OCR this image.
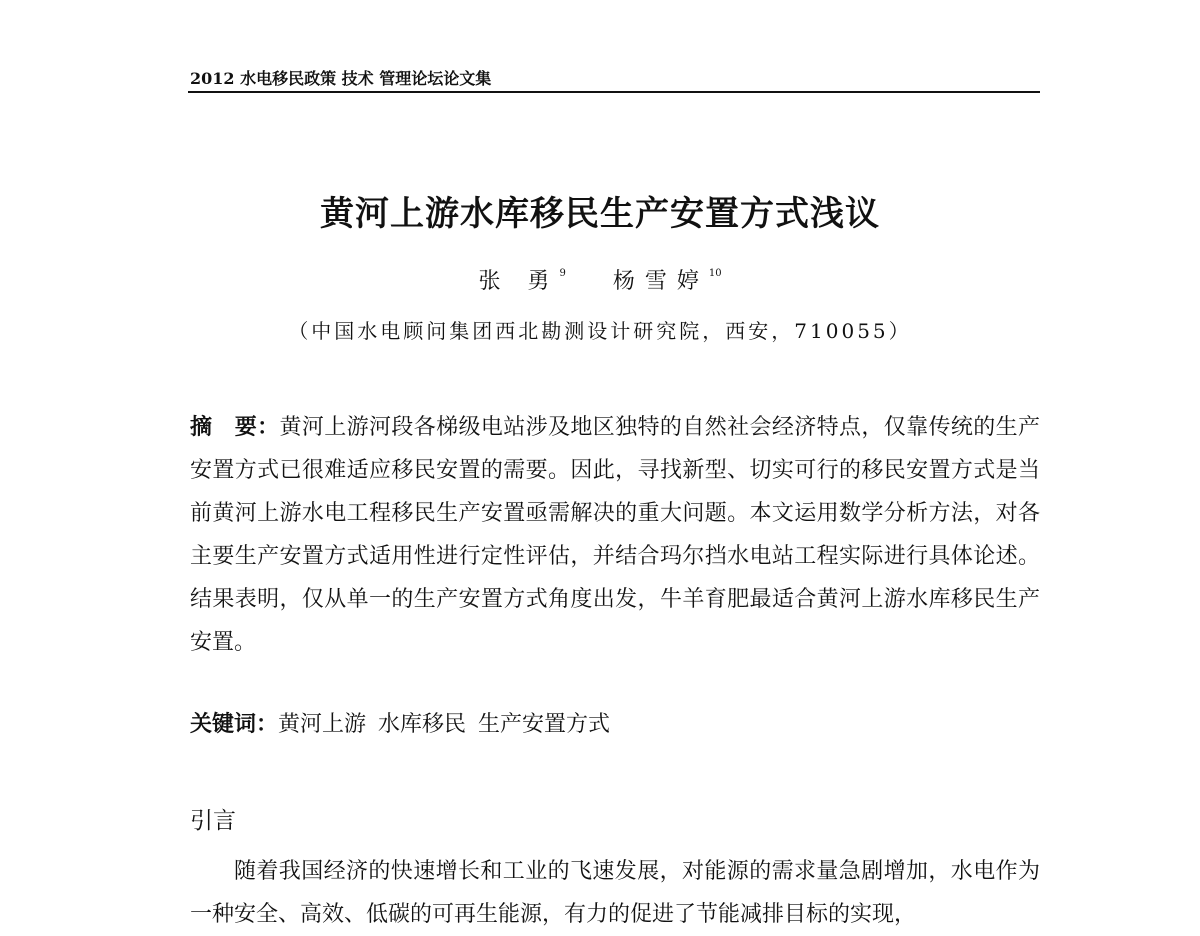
2012 水电移民政策 技术 管理论坛论文集
黄河上游水库移民生产安置方式浅议
张 勇$^9$ 杨雪婷$^{10}$
（中国水电顾问集团西北勘测设计研究院，西安，710055）

摘　要：黄河上游河段各梯级电站涉及地区独特的自然社会经济特点，仅靠传统的生产安置方式已很难适应移民安置的需要。因此，寻找新型、切实可行的移民安置方式是当前黄河上游水电工程移民生产安置亟需解决的重大问题。本文运用数学分析方法，对各主要生产安置方式适用性进行定性评估，并结合玛尔挡水电站工程实际进行具体论述。结果表明，仅从单一的生产安置方式角度出发，牛羊育肥最适合黄河上游水库移民生产安置。

关键词：黄河上游 水库移民 生产安置方式

引言

随着我国经济的快速增长和工业的飞速发展，对能源的需求量急剧增加，水电作为一种安全、高效、低碳的可再生能源，有力的促进了节能减排目标的实现，
